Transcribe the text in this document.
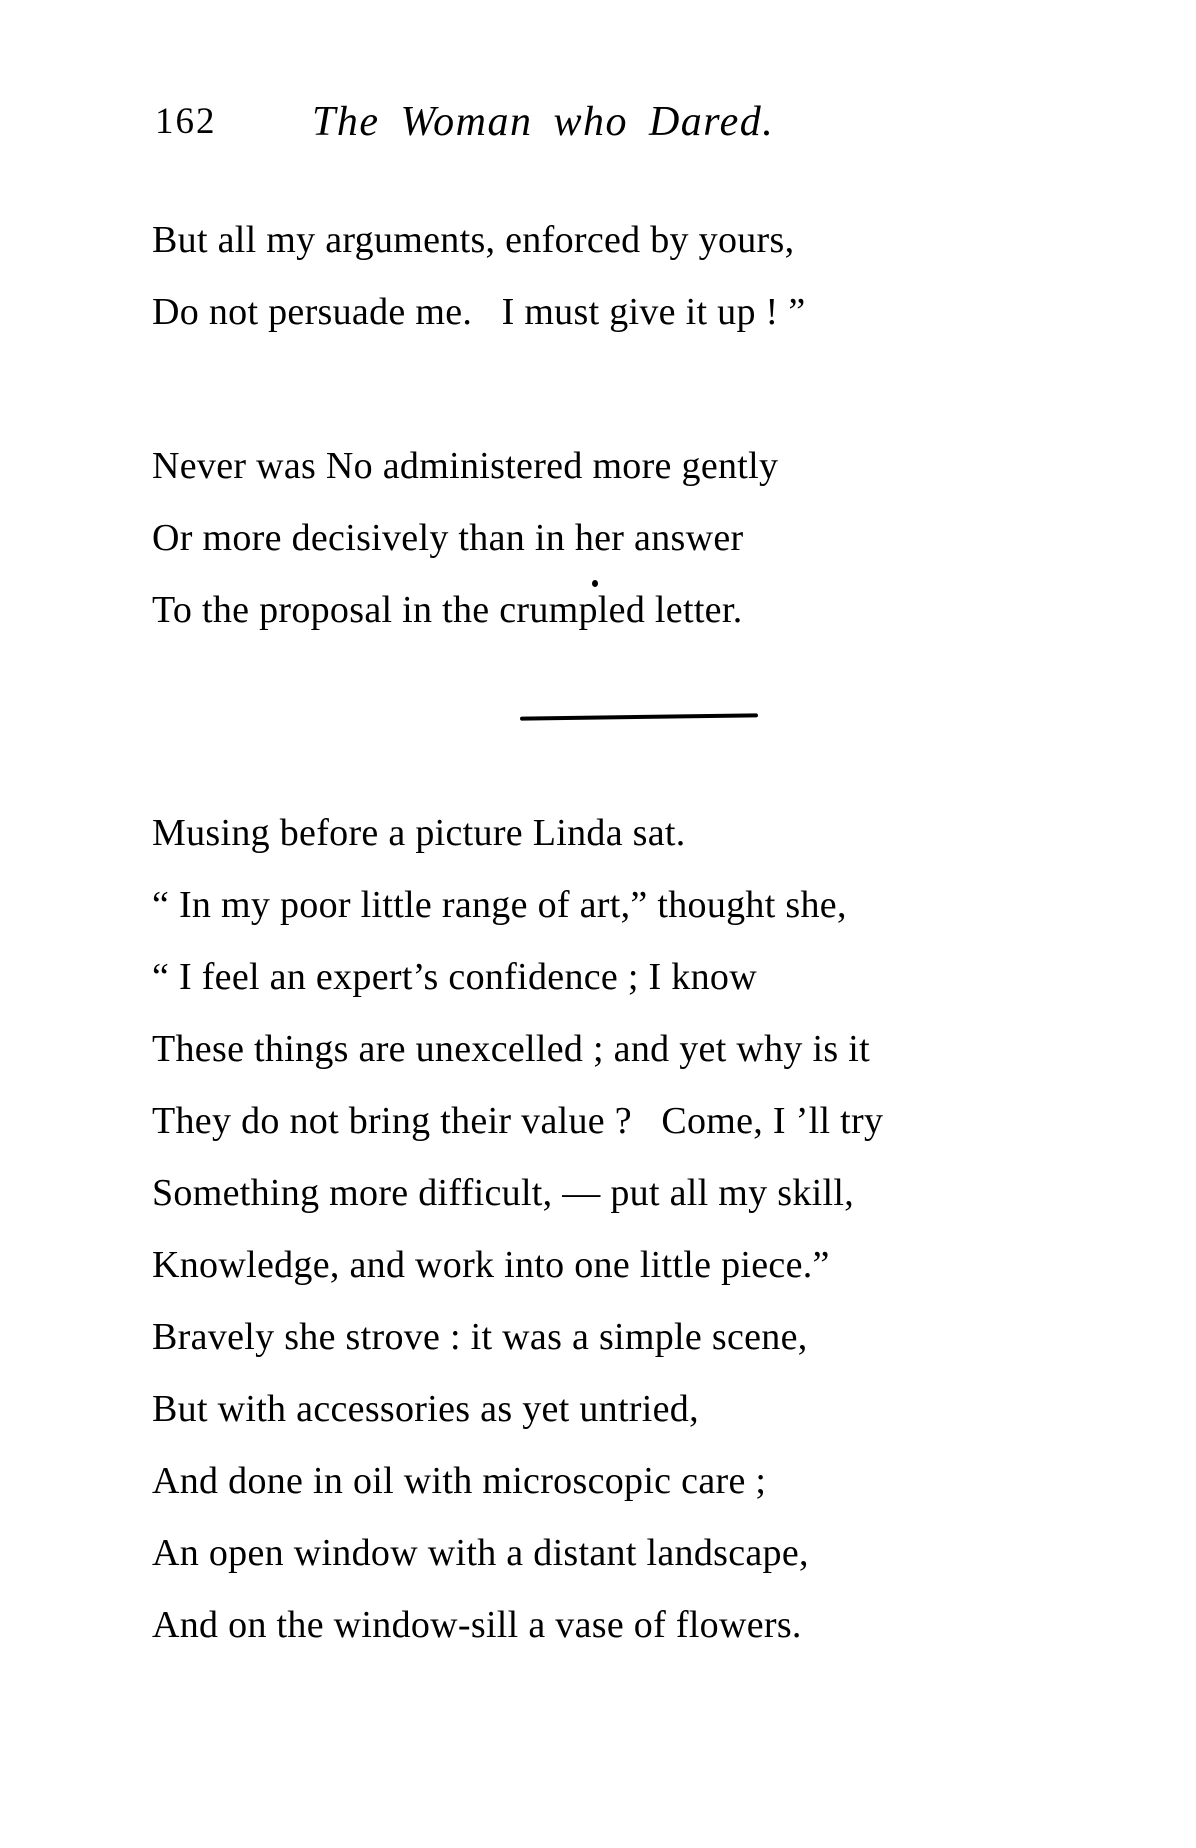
162 The Woman who Dared.

But all my arguments, enforced by yours,

Do not persuade me.   I must give it up ! ”

Never was No administered more gently

Or more decisively than in her answer

To the proposal in the crumpled letter.

Musing before a picture Linda sat.

“ In my poor little range of art,” thought she,

“ I feel an expert’s confidence ; I know

These things are unexcelled ; and yet why is it

They do not bring their value ?   Come, I ’ll try

Something more difficult, — put all my skill,

Knowledge, and work into one little piece.”

Bravely she strove : it was a simple scene,

But with accessories as yet untried,

And done in oil with microscopic care ;

An open window with a distant landscape,

And on the window-sill a vase of flowers.
